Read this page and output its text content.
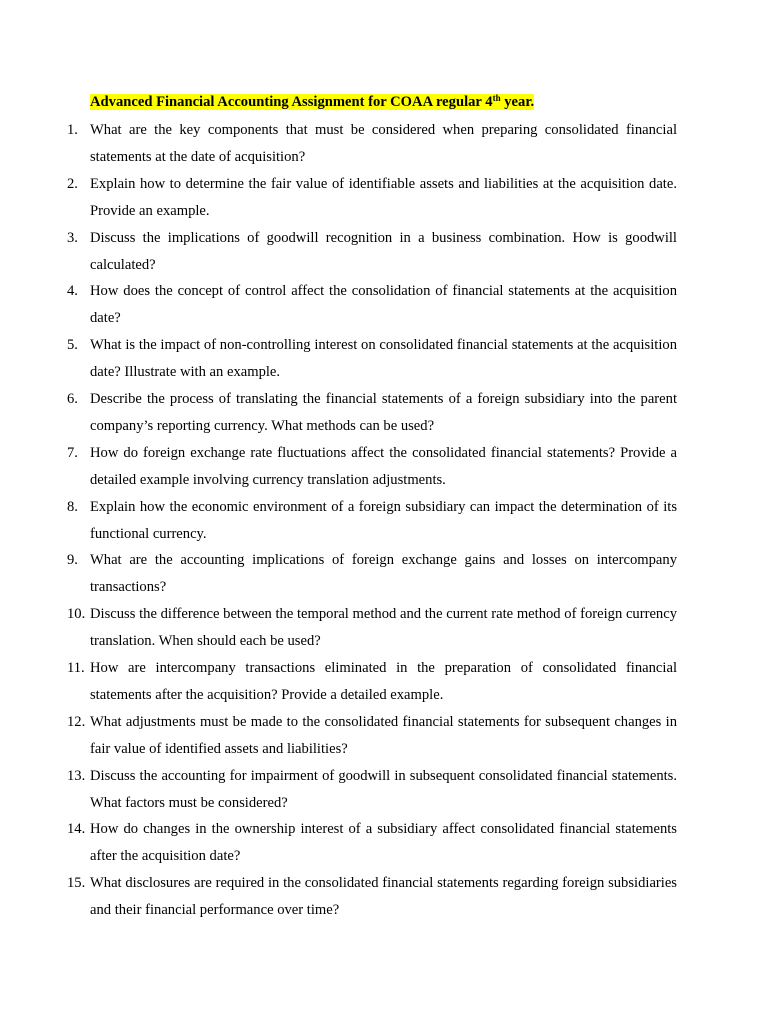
Advanced Financial Accounting Assignment for COAA regular 4th year.
1. What are the key components that must be considered when preparing consolidated financial statements at the date of acquisition?
2. Explain how to determine the fair value of identifiable assets and liabilities at the acquisition date. Provide an example.
3. Discuss the implications of goodwill recognition in a business combination. How is goodwill calculated?
4. How does the concept of control affect the consolidation of financial statements at the acquisition date?
5. What is the impact of non-controlling interest on consolidated financial statements at the acquisition date? Illustrate with an example.
6. Describe the process of translating the financial statements of a foreign subsidiary into the parent company’s reporting currency. What methods can be used?
7. How do foreign exchange rate fluctuations affect the consolidated financial statements? Provide a detailed example involving currency translation adjustments.
8. Explain how the economic environment of a foreign subsidiary can impact the determination of its functional currency.
9. What are the accounting implications of foreign exchange gains and losses on intercompany transactions?
10. Discuss the difference between the temporal method and the current rate method of foreign currency translation. When should each be used?
11. How are intercompany transactions eliminated in the preparation of consolidated financial statements after the acquisition? Provide a detailed example.
12. What adjustments must be made to the consolidated financial statements for subsequent changes in fair value of identified assets and liabilities?
13. Discuss the accounting for impairment of goodwill in subsequent consolidated financial statements. What factors must be considered?
14. How do changes in the ownership interest of a subsidiary affect consolidated financial statements after the acquisition date?
15. What disclosures are required in the consolidated financial statements regarding foreign subsidiaries and their financial performance over time?
